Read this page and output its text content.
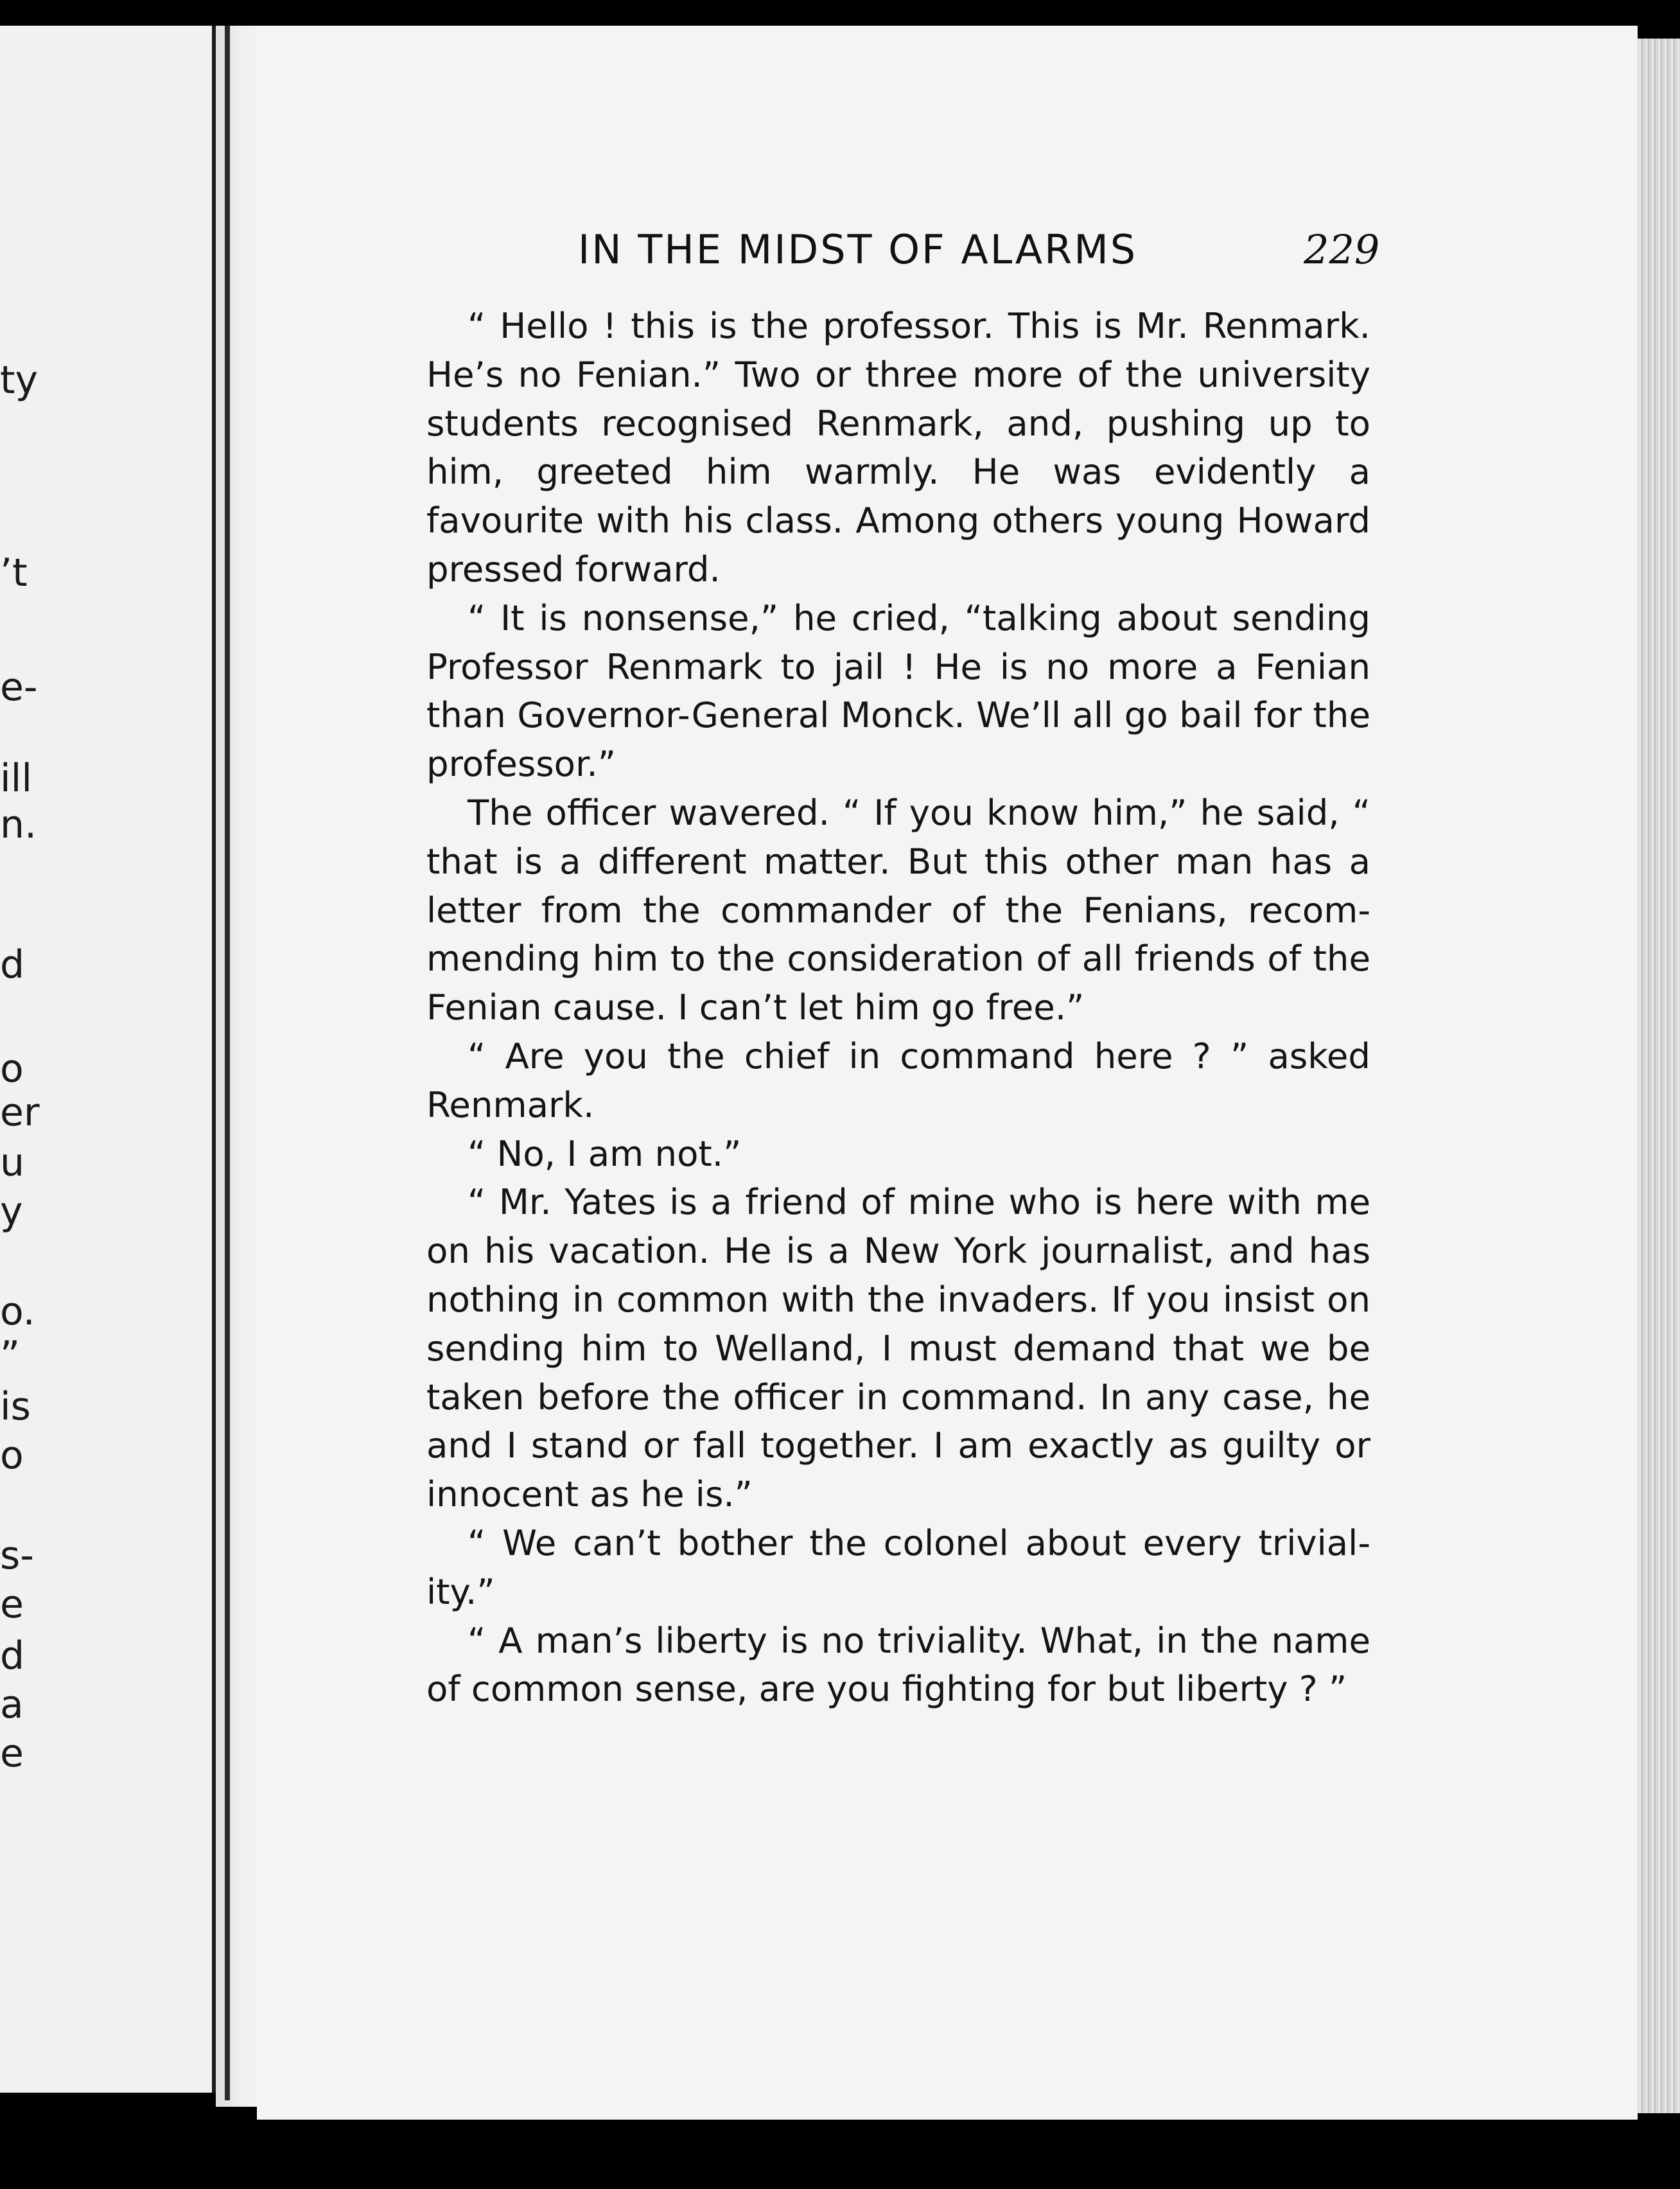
ty
’t
e-
ill
n.
d
o
er
u
y
o.
”
is
o
s-
e
d
a
e
IN THE MIDST OF ALARMS	229

“ Hello ! this is the professor. This is Mr. Renmark. He’s no Fenian.” Two or three more of the university students recognised Renmark, and, pushing up to him, greeted him warmly. He was evidently a favourite with his class. Among others young Howard pressed forward.

“ It is nonsense,” he cried, “talking about sending Professor Renmark to jail ! He is no more a Fenian than Governor-General Monck. We’ll all go bail for the professor.”

The officer wavered. “ If you know him,” he said, “ that is a different matter. But this other man has a letter from the commander of the Fenians, recommending him to the consideration of all friends of the Fenian cause. I can’t let him go free.”

“ Are you the chief in command here ? ” asked Renmark.

“ No, I am not.”

“ Mr. Yates is a friend of mine who is here with me on his vacation. He is a New York journalist, and has nothing in common with the invaders. If you insist on sending him to Welland, I must demand that we be taken before the officer in command. In any case, he and I stand or fall together. I am exactly as guilty or innocent as he is.”

“ We can’t bother the colonel about every triviality.”

“ A man’s liberty is no triviality. What, in the name of common sense, are you fighting for but liberty ? ”
